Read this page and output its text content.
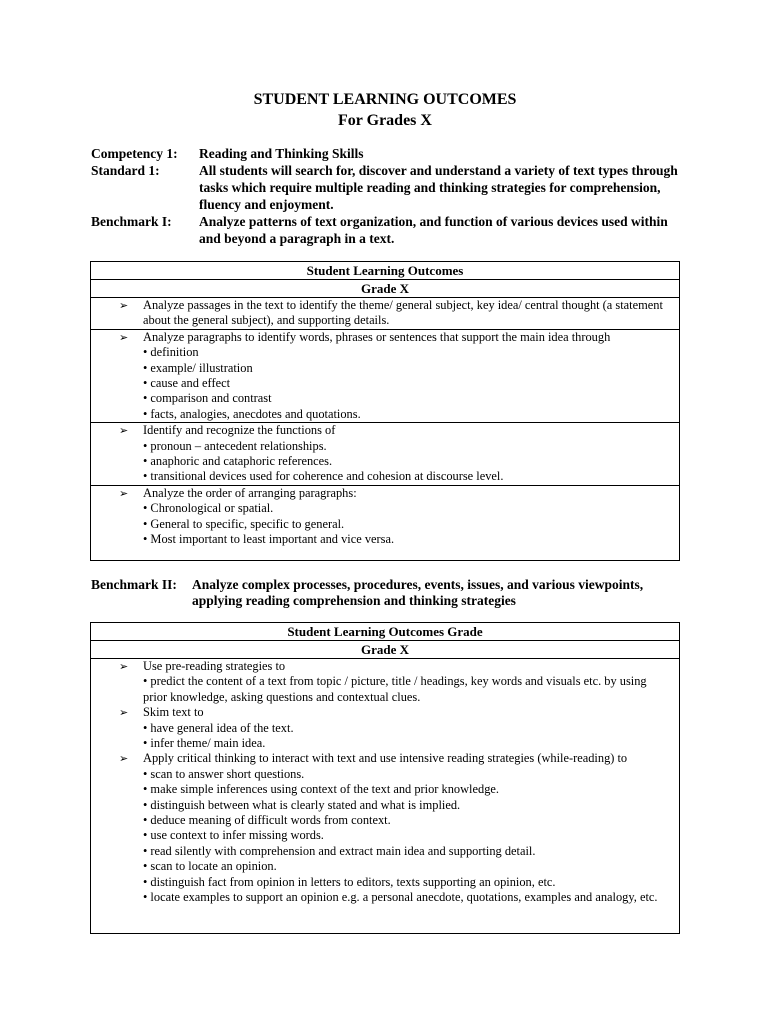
STUDENT LEARNING OUTCOMES
For Grades X
Competency 1:	Reading and Thinking Skills
Standard 1:	All students will search for, discover and understand a variety of text types through tasks which require multiple reading and thinking strategies for comprehension, fluency and enjoyment.
Benchmark I:	Analyze patterns of text organization, and function of various devices used within and beyond a paragraph in a text.
Student Learning Outcomes
Grade X
➢ Analyze passages in the text to identify the theme/ general subject, key idea/ central thought (a statement about the general subject), and supporting details.
➢ Analyze paragraphs to identify words, phrases or sentences that support the main idea through
• definition
• example/ illustration
• cause and effect
• comparison and contrast
• facts, analogies, anecdotes and quotations.
➢ Identify and recognize the functions of
• pronoun – antecedent relationships.
• anaphoric and cataphoric references.
• transitional devices used for coherence and cohesion at discourse level.
➢ Analyze the order of arranging paragraphs:
• Chronological or spatial.
• General to specific, specific to general.
• Most important to least important and vice versa.
Benchmark II:	Analyze complex processes, procedures, events, issues, and various viewpoints, applying reading comprehension and thinking strategies
Student Learning Outcomes Grade
Grade X
➢ Use pre-reading strategies to
• predict the content of a text from topic / picture, title / headings, key words and visuals etc. by using prior knowledge, asking questions and contextual clues.
➢ Skim text to
• have general idea of the text.
• infer theme/ main idea.
➢ Apply critical thinking to interact with text and use intensive reading strategies (while-reading) to
• scan to answer short questions.
• make simple inferences using context of the text and prior knowledge.
• distinguish between what is clearly stated and what is implied.
• deduce meaning of difficult words from context.
• use context to infer missing words.
• read silently with comprehension and extract main idea and supporting detail.
• scan to locate an opinion.
• distinguish fact from opinion in letters to editors, texts supporting an opinion, etc.
• locate examples to support an opinion e.g. a personal anecdote, quotations, examples and analogy, etc.
